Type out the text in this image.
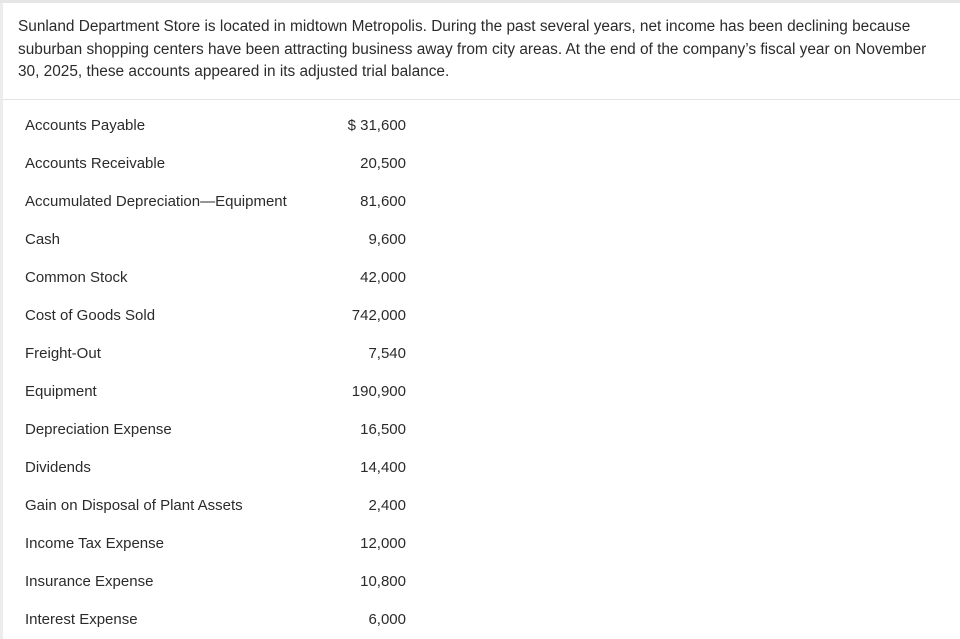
Sunland Department Store is located in midtown Metropolis. During the past several years, net income has been declining because suburban shopping centers have been attracting business away from city areas. At the end of the company’s fiscal year on November 30, 2025, these accounts appeared in its adjusted trial balance.

Accounts Payable	$ 31,600
Accounts Receivable	20,500
Accumulated Depreciation—Equipment	81,600
Cash	9,600
Common Stock	42,000
Cost of Goods Sold	742,000
Freight-Out	7,540
Equipment	190,900
Depreciation Expense	16,500
Dividends	14,400
Gain on Disposal of Plant Assets	2,400
Income Tax Expense	12,000
Insurance Expense	10,800
Interest Expense	6,000
